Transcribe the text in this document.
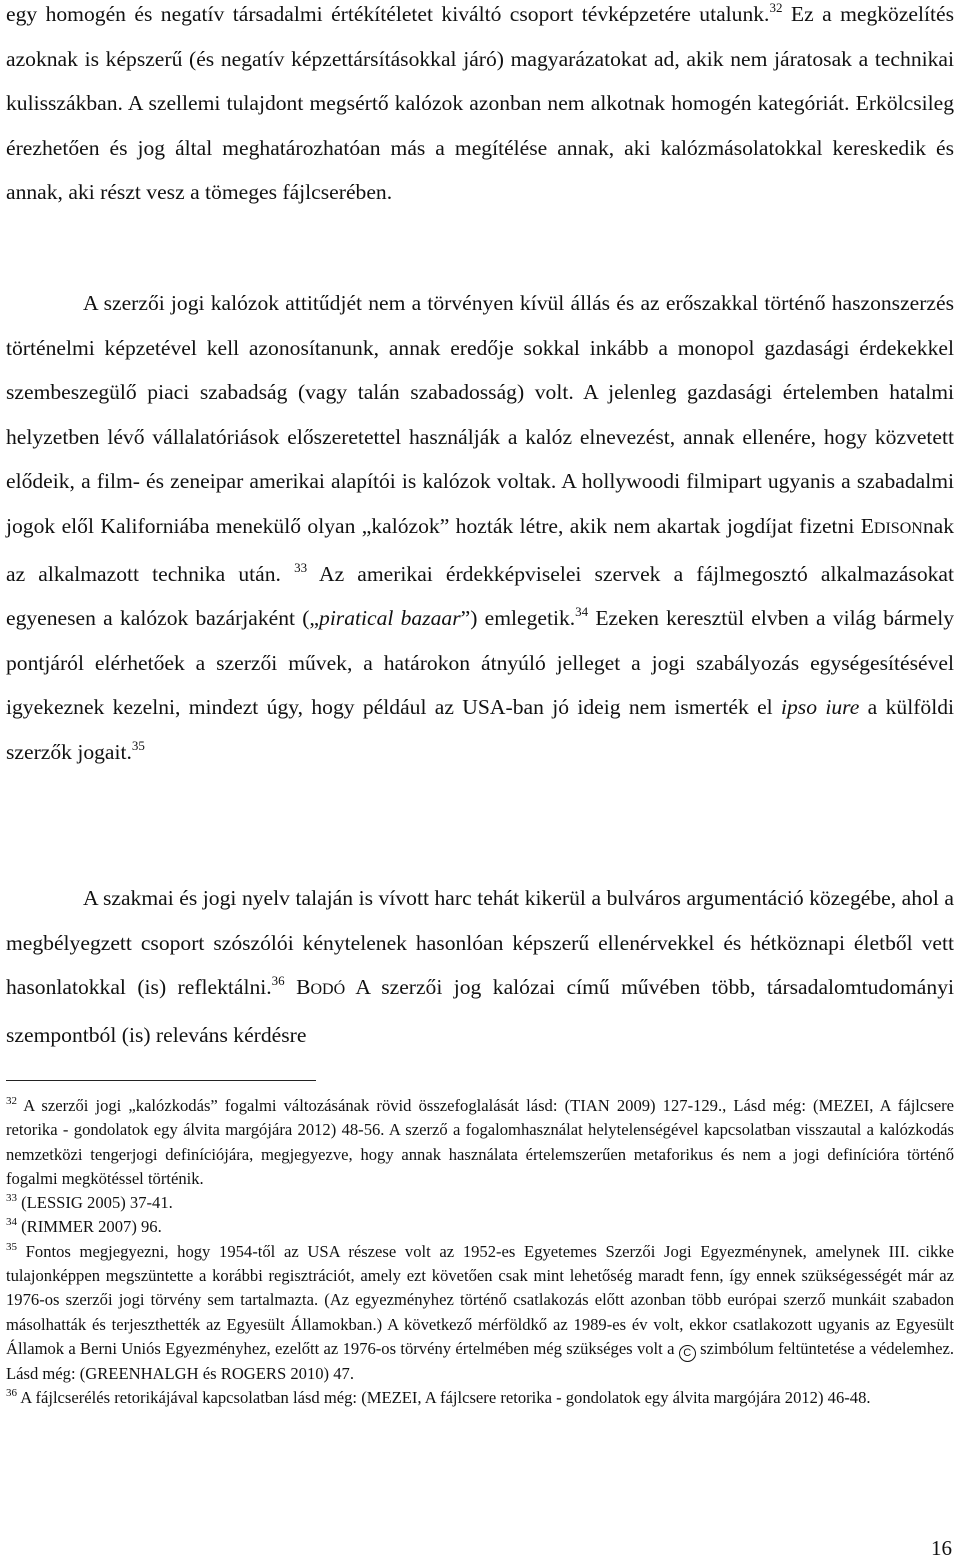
egy homogén és negatív társadalmi értékítéletet kiváltó csoport tévképzetére utalunk.$^{32}$ Ez a megközelítés azoknak is képszerű (és negatív képzettársításokkal járó) magyarázatokat ad, akik nem járatosak a technikai kulisszákban. A szellemi tulajdont megsértő kalózok azonban nem alkotnak homogén kategóriát. Erkölcsileg érezhetően és jog által meghatározhatóan más a megítélése annak, aki kalózmásolatokkal kereskedik és annak, aki részt vesz a tömeges fájlcserében.

A szerzői jogi kalózok attitűdjét nem a törvényen kívül állás és az erőszakkal történő haszonszerzés történelmi képzetével kell azonosítanunk, annak eredője sokkal inkább a monopol gazdasági érdekekkel szembeszegülő piaci szabadság (vagy talán szabadosság) volt. A jelenleg gazdasági értelemben hatalmi helyzetben lévő vállalatóriások előszeretettel használják a kalóz elnevezést, annak ellenére, hogy közvetett elődeik, a film- és zeneipar amerikai alapítói is kalózok voltak. A hollywoodi filmipart ugyanis a szabadalmi jogok elől Kaliforniába menekülő olyan „kalózok” hozták létre, akik nem akartak jogdíjat fizetni EDISONnak az alkalmazott technika után. $^{33}$ Az amerikai érdekképviselei szervek a fájlmegosztó alkalmazásokat egyenesen a kalózok bazárjaként („piratical bazaar”) emlegetik.$^{34}$ Ezeken keresztül elvben a világ bármely pontjáról elérhetőek a szerzői művek, a határokon átnyúló jelleget a jogi szabályozás egységesítésével igyekeznek kezelni, mindezt úgy, hogy például az USA-ban jó ideig nem ismerték el ipso iure a külföldi szerzők jogait.$^{35}$

A szakmai és jogi nyelv talaján is vívott harc tehát kikerül a bulváros argumentáció közegébe, ahol a megbélyegzett csoport szószólói kénytelenek hasonlóan képszerű ellenérvekkel és hétköznapi életből vett hasonlatokkal (is) reflektálni.$^{36}$ BODÓ A szerzői jog kalózai című művében több, társadalomtudományi szempontból (is) releváns kérdésre

$^{32}$ A szerzői jogi „kalózkodás” fogalmi változásának rövid összefoglalását lásd: (TIAN 2009) 127-129., Lásd még: (MEZEI, A fájlcsere retorika - gondolatok egy álvita margójára 2012) 48-56. A szerző a fogalomhasználat helytelenségével kapcsolatban visszautal a kalózkodás nemzetközi tengerjogi definíciójára, megjegyezve, hogy annak használata értelemszerűen metaforikus és nem a jogi definícióra történő fogalmi megkötéssel történik.

$^{33}$ (LESSIG 2005) 37-41.

$^{34}$ (RIMMER 2007) 96.

$^{35}$ Fontos megjegyezni, hogy 1954-től az USA részese volt az 1952-es Egyetemes Szerzői Jogi Egyezménynek, amelynek III. cikke tulajonképpen megszüntette a korábbi regisztrációt, amely ezt követően csak mint lehetőség maradt fenn, így ennek szükségességét már az 1976-os szerzői jogi törvény sem tartalmazta. (Az egyezményhez történő csatlakozás előtt azonban több európai szerző munkáit szabadon másolhatták és terjeszthették az Egyesült Államokban.) A következő mérföldkő az 1989-es év volt, ekkor csatlakozott ugyanis az Egyesült Államok a Berni Uniós Egyezményhez, ezelőtt az 1976-os törvény értelmében még szükséges volt a C szimbólum feltüntetése a védelemhez. Lásd még: (GREENHALGH és ROGERS 2010) 47.

$^{36}$ A fájlcserélés retorikájával kapcsolatban lásd még: (MEZEI, A fájlcsere retorika - gondolatok egy álvita margójára 2012) 46-48.

16
